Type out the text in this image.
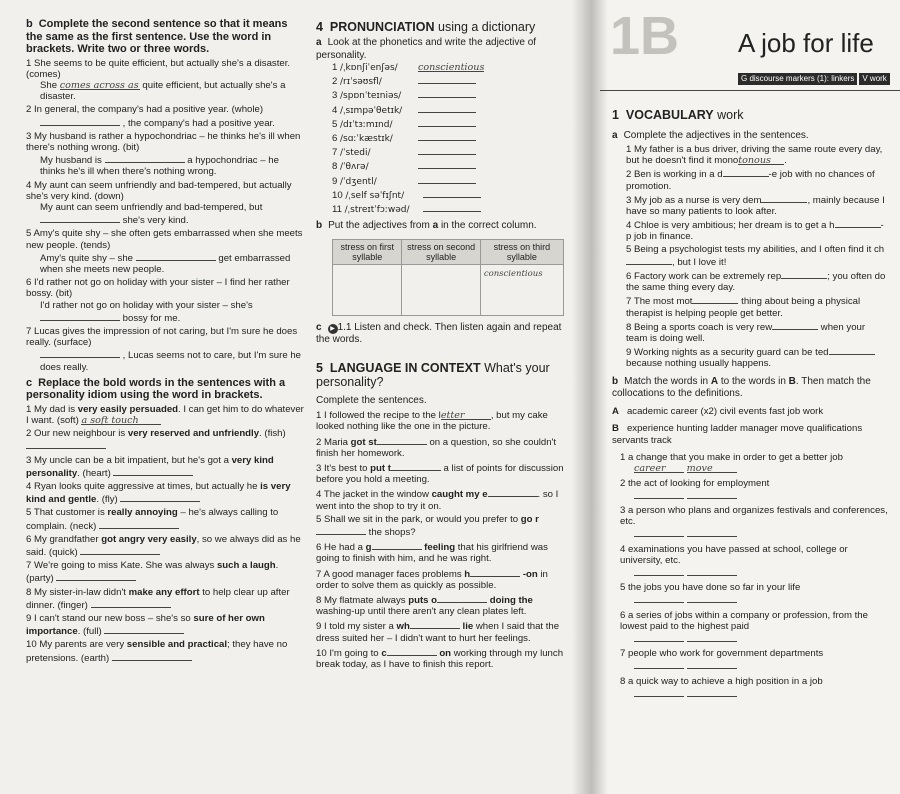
b Complete the second sentence so that it means the same as the first sentence. Use the word in brackets. Write two or three words.
1 She seems to be quite efficient, but actually she's a disaster. (comes)
She comes across as quite efficient, but actually she's a disaster.
2 In general, the company's had a positive year. (whole)
, the company's had a positive year.
3 My husband is rather a hypochondriac – he thinks he's ill when there's nothing wrong. (bit)
My husband is	a hypochondriac – he thinks he's ill when there's nothing wrong.
4 My aunt can seem unfriendly and bad-tempered, but actually she's very kind. (down)
My aunt can seem unfriendly and bad-tempered, but  she's very kind.
5 Amy's quite shy – she often gets embarrassed when she meets new people. (tends)
Amy's quite shy – she	get embarrassed when she meets new people.
6 I'd rather not go on holiday with your sister – I find her rather bossy. (bit)
I'd rather not go on holiday with your sister – she's  bossy for me.
7 Lucas gives the impression of not caring, but I'm sure he does really. (surface)
, Lucas seems not to care, but I'm sure he does really.
c Replace the bold words in the sentences with a personality idiom using the word in brackets.
1 My dad is very easily persuaded. I can get him to do whatever I want. (soft) a soft touch
2 Our new neighbour is very reserved and unfriendly. (fish)
3 My uncle can be a bit impatient, but he's got a very kind personality. (heart)
4 Ryan looks quite aggressive at times, but actually he is very kind and gentle. (fly)
5 That customer is really annoying – he's always calling to complain. (neck)
6 My grandfather got angry very easily, so we always did as he said. (quick)
7 We're going to miss Kate. She was always such a laugh. (party)
8 My sister-in-law didn't make any effort to help clear up after dinner. (finger)
9 I can't stand our new boss – she's so sure of her own importance. (full)
10 My parents are very sensible and practical; they have no pretensions. (earth)
4 PRONUNCIATION using a dictionary
a Look at the phonetics and write the adjective of personality.
1 /ˌkɒnʃiˈenʃəs/ conscientious
2 /rɪˈsəʊsfl/
3 /spɒnˈteɪniəs/
4 /ˌsɪmpəˈθetɪk/
5 /dɪˈtɜːmɪnd/
6 /sɑːˈkæstɪk/
7 /ˈstedi/
8 /ˈθʌrə/
9 /ˈdʒentl/
10 /ˌself səˈfɪʃnt/
11 /ˌstreɪtˈfɔːwəd/
b Put the adjectives from a in the correct column.
stress on first syllable	stress on second syllable	stress on third syllable
		conscientious
c ▶ 1.1 Listen and check. Then listen again and repeat the words.
5 LANGUAGE IN CONTEXT What's your personality?
Complete the sentences.
1 I followed the recipe to the letter	, but my cake looked nothing like the one in the picture.
2 Maria got st	on a question, so she couldn't finish her homework.
3 It's best to put t	a list of points for discussion before you hold a meeting.
4 The jacket in the window caught my e	. so I went into the shop to try it on.
5 Shall we sit in the park, or would you prefer to go r the shops?
6 He had a g	feeling that his girlfriend was going to finish with him, and he was right.
7 A good manager faces problems h	-on in order to solve them as quickly as possible.
8 My flatmate always puts o	doing the washing-up until there aren't any clean plates left.
9 I told my sister a wh	lie when I said that the dress suited her – I didn't want to hurt her feelings.
10 I'm going to c	on working through my lunch break today, as I have to finish this report.
1B A job for life
G discourse markers (1): linkers V work
1 VOCABULARY work
a Complete the adjectives in the sentences.
1 My father is a bus driver, driving the same route every day, but he doesn't find it monotonous .
2 Ben is working in a d	-e job with no chances of promotion.
3 My job as a nurse is very dem	, mainly because I have so many patients to look after.
4 Chloe is very ambitious; her dream is to get a h	-p job in finance.
5 Being a psychologist tests my abilities, and I often find it ch, but I love it!
6 Factory work can be extremely rep	; you often do the same thing every day.
7 The most mot	thing about being a physical therapist is helping people get better.
8 Being a sports coach is very rew	when your team is doing well.
9 Working nights as a security guard can be ted because nothing usually happens.
b Match the words in A to the words in B. Then match the collocations to the definitions.
A academic career (x2) civil events fast job work
B experience hunting ladder manager move qualifications servants track
1 a change that you make in order to get a better job
career move
2 the act of looking for employment

3 a person who plans and organizes festivals and conferences, etc.

4 examinations you have passed at school, college or university, etc.

5 the jobs you have done so far in your life

6 a series of jobs within a company or profession, from the lowest paid to the highest paid

7 people who work for government departments

8 a quick way to achieve a high position in a job
